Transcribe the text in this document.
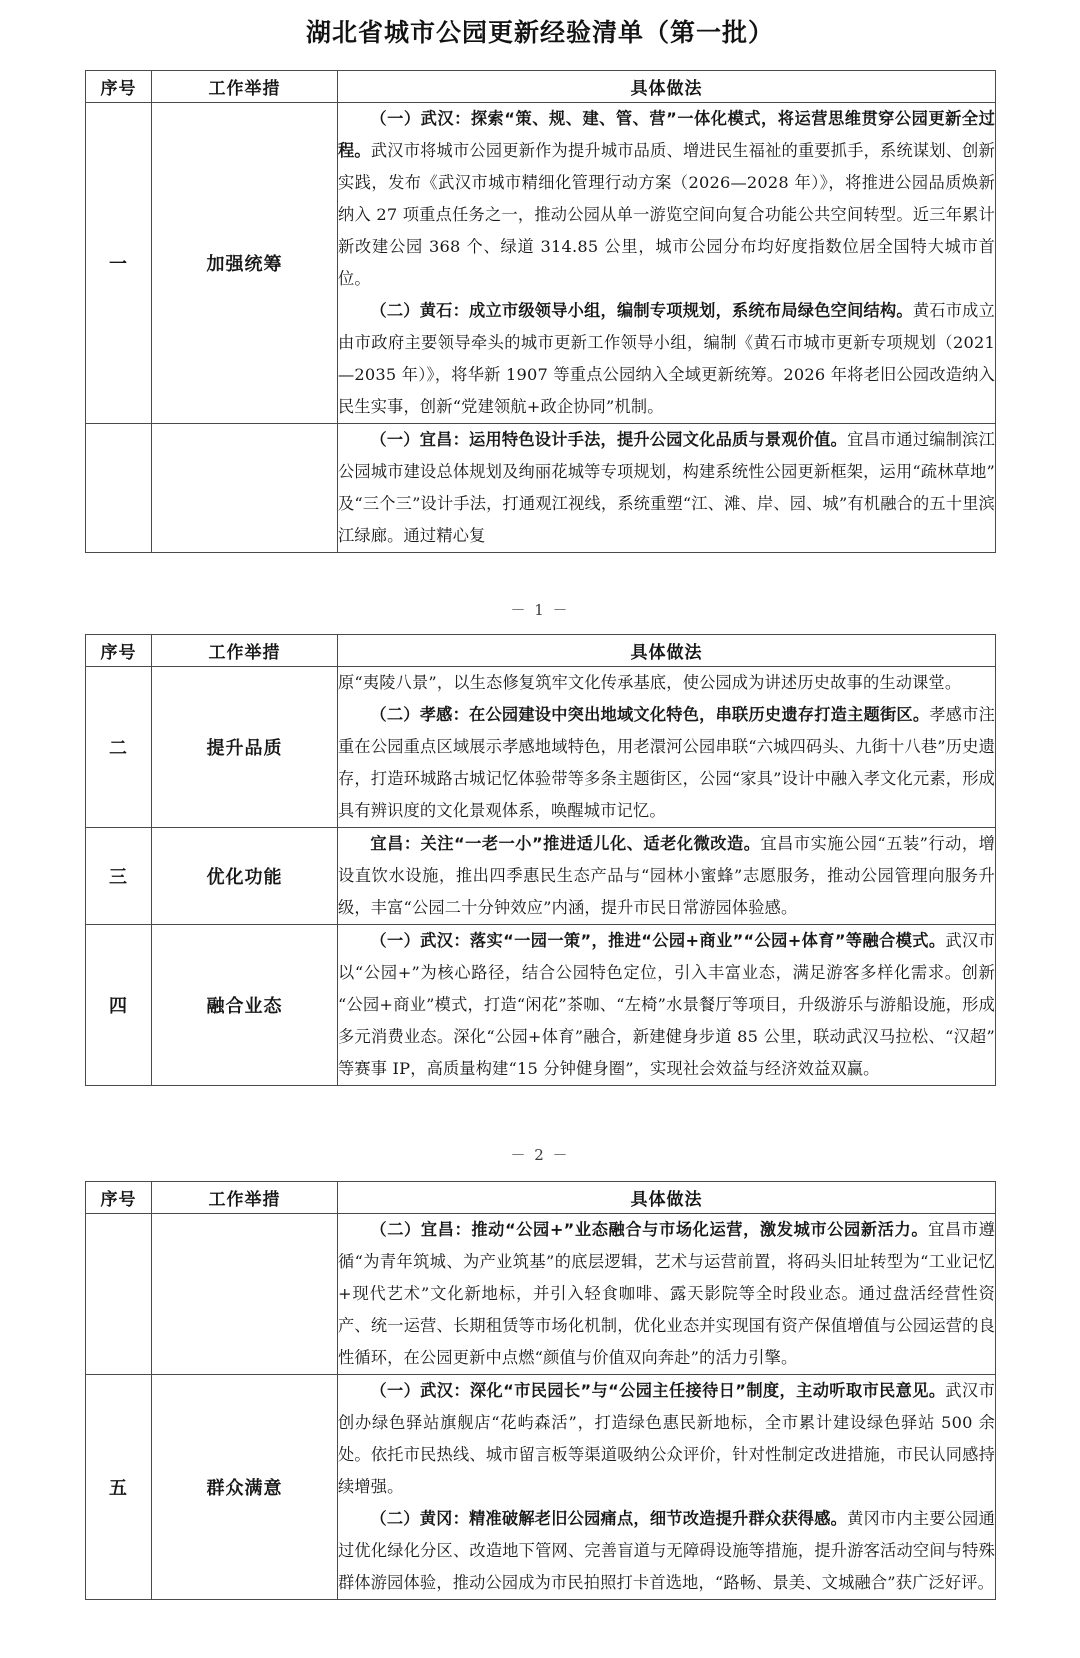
湖北省城市公园更新经验清单（第一批）
序号	工作举措	具体做法
一	加强统筹	（一）武汉：探索“策、规、建、管、营”一体化模式，将运营思维贯穿公园更新全过程。武汉市将城市公园更新作为提升城市品质、增进民生福祉的重要抓手，系统谋划、创新实践，发布《武汉市城市精细化管理行动方案（2026—2028 年）》，将推进公园品质焕新纳入 27 项重点任务之一，推动公园从单一游览空间向复合功能公共空间转型。近三年累计新改建公园 368 个、绿道 314.85 公里，城市公园分布均好度指数位居全国特大城市首位。

（二）黄石：成立市级领导小组，编制专项规划，系统布局绿色空间结构。黄石市成立由市政府主要领导牵头的城市更新工作领导小组，编制《黄石市城市更新专项规划（2021—2035 年）》，将华新 1907 等重点公园纳入全域更新统筹。2026 年将老旧公园改造纳入民生实事，创新“党建领航+政企协同”机制。

		（一）宜昌：运用特色设计手法，提升公园文化品质与景观价值。宜昌市通过编制滨江公园城市建设总体规划及绚丽花城等专项规划，构建系统性公园更新框架，运用“疏林草地”及“三个三”设计手法，打通观江视线，系统重塑“江、滩、岸、园、城”有机融合的五十里滨江绿廊。通过精心复

－ 1 －
序号	工作举措	具体做法
二	提升品质	原“夷陵八景”，以生态修复筑牢文化传承基底，使公园成为讲述历史故事的生动课堂。

（二）孝感：在公园建设中突出地域文化特色，串联历史遗存打造主题街区。孝感市注重在公园重点区域展示孝感地域特色，用老澴河公园串联“六城四码头、九街十八巷”历史遗存，打造环城路古城记忆体验带等多条主题街区，公园“家具”设计中融入孝文化元素，形成具有辨识度的文化景观体系，唤醒城市记忆。

三	优化功能	宜昌：关注“一老一小”推进适儿化、适老化微改造。宜昌市实施公园“五装”行动，增设直饮水设施，推出四季惠民生态产品与“园林小蜜蜂”志愿服务，推动公园管理向服务升级，丰富“公园二十分钟效应”内涵，提升市民日常游园体验感。

四	融合业态	（一）武汉：落实“一园一策”，推进“公园+商业”“公园+体育”等融合模式。武汉市以“公园+”为核心路径，结合公园特色定位，引入丰富业态，满足游客多样化需求。创新“公园+商业”模式，打造“闲花”茶咖、“左椅”水景餐厅等项目，升级游乐与游船设施，形成多元消费业态。深化“公园+体育”融合，新建健身步道 85 公里，联动武汉马拉松、“汉超”等赛事 IP，高质量构建“15 分钟健身圈”，实现社会效益与经济效益双赢。

－ 2 －
序号	工作举措	具体做法

		（二）宜昌：推动“公园+”业态融合与市场化运营，激发城市公园新活力。宜昌市遵循“为青年筑城、为产业筑基”的底层逻辑，艺术与运营前置，将码头旧址转型为“工业记忆+现代艺术”文化新地标，并引入轻食咖啡、露天影院等全时段业态。通过盘活经营性资产、统一运营、长期租赁等市场化机制，优化业态并实现国有资产保值增值与公园运营的良性循环，在公园更新中点燃“颜值与价值双向奔赴”的活力引擎。

五	群众满意	（一）武汉：深化“市民园长”与“公园主任接待日”制度，主动听取市民意见。武汉市创办绿色驿站旗舰店“花屿森活”，打造绿色惠民新地标，全市累计建设绿色驿站 500 余处。依托市民热线、城市留言板等渠道吸纳公众评价，针对性制定改进措施，市民认同感持续增强。

（二）黄冈：精准破解老旧公园痛点，细节改造提升群众获得感。黄冈市内主要公园通过优化绿化分区、改造地下管网、完善盲道与无障碍设施等措施，提升游客活动空间与特殊群体游园体验，推动公园成为市民拍照打卡首选地，“路畅、景美、文城融合”获广泛好评。
